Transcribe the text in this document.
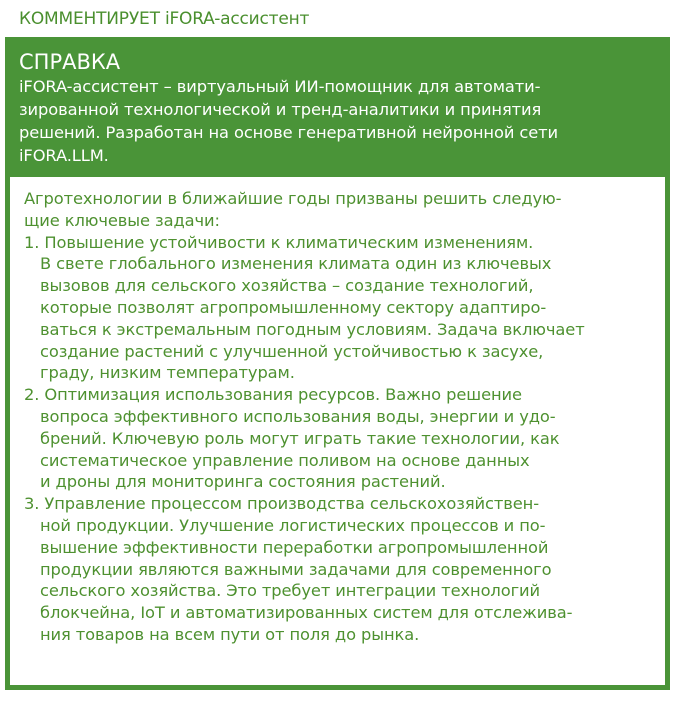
КОММЕНТИРУЕТ iFORA-ассистент
СПРАВКА
iFORA-ассистент – виртуальный ИИ-помощник для автомати-
зированной технологической и тренд-аналитики и принятия
решений. Разработан на основе генеративной нейронной сети
iFORA.LLM.
Агротехнологии в ближайшие годы призваны решить следую-
щие ключевые задачи:
1. Повышение устойчивости к климатическим изменениям.
В свете глобального изменения климата один из ключевых
вызовов для сельского хозяйства – создание технологий,
которые позволят агропромышленному сектору адаптиро-
ваться к экстремальным погодным условиям. Задача включает
создание растений с улучшенной устойчивостью к засухе,
граду, низким температурам.
2. Оптимизация использования ресурсов. Важно решение
вопроса эффективного использования воды, энергии и удо-
брений. Ключевую роль могут играть такие технологии, как
систематическое управление поливом на основе данных
и дроны для мониторинга состояния растений.
3. Управление процессом производства сельскохозяйствен-
ной продукции. Улучшение логистических процессов и по-
вышение эффективности переработки агропромышленной
продукции являются важными задачами для современного
сельского хозяйства. Это требует интеграции технологий
блокчейна, IoT и автоматизированных систем для отслежива-
ния товаров на всем пути от поля до рынка.
